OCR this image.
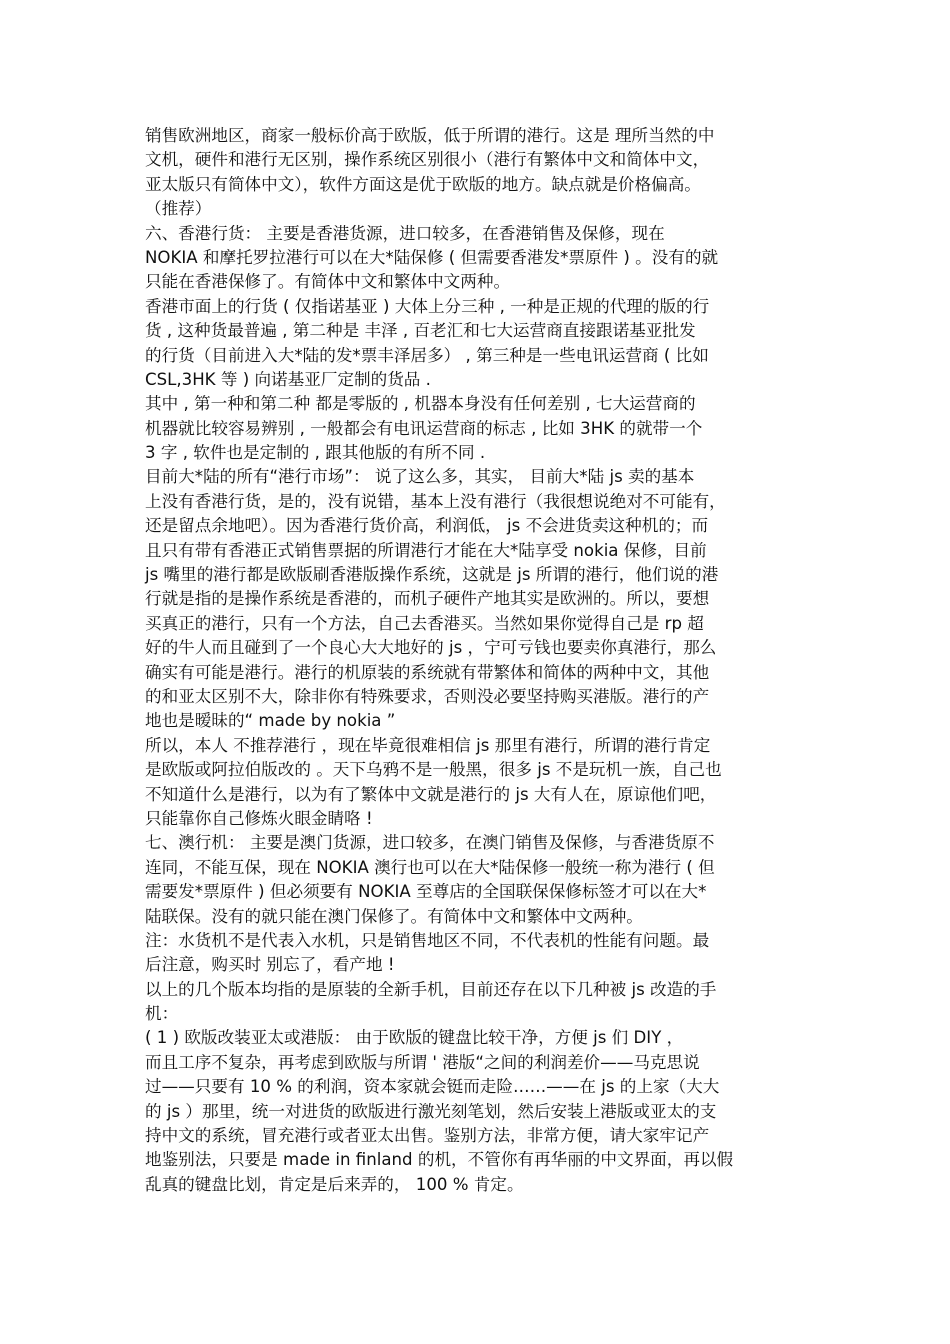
销售欧洲地区，商家一般标价高于欧版，低于所谓的港行。这是 理所当然的中
文机，硬件和港行无区别，操作系统区别很小（港行有繁体中文和简体中文，
亚太版只有简体中文），软件方面这是优于欧版的地方。缺点就是价格偏高。
（推荐）
六、香港行货： 主要是香港货源，进口较多，在香港销售及保修，现在
NOKIA 和摩托罗拉港行可以在大*陆保修 ( 但需要香港发*票原件 ) 。没有的就
只能在香港保修了。有简体中文和繁体中文两种。
香港市面上的行货 ( 仅指诺基亚 ) 大体上分三种 , 一种是正规的代理的版的行
货 , 这种货最普遍 , 第二种是 丰泽 , 百老汇和七大运营商直接跟诺基亚批发
的行货（目前进入大*陆的发*票丰泽居多） , 第三种是一些电讯运营商 ( 比如
CSL,3HK 等 ) 向诺基亚厂定制的货品 .
其中 , 第一种和第二种 都是零版的 , 机器本身没有任何差别 , 七大运营商的
机器就比较容易辨别 , 一般都会有电讯运营商的标志 , 比如 3HK 的就带一个
3 字 , 软件也是定制的 , 跟其他版的有所不同 .
目前大*陆的所有“港行市场”： 说了这么多，其实， 目前大*陆 js 卖的基本
上没有香港行货，是的，没有说错，基本上没有港行（我很想说绝对不可能有，
还是留点余地吧）。因为香港行货价高，利润低， js 不会进货卖这种机的；而
且只有带有香港正式销售票据的所谓港行才能在大*陆享受 nokia 保修，目前
js 嘴里的港行都是欧版刷香港版操作系统，这就是 js 所谓的港行，他们说的港
行就是指的是操作系统是香港的，而机子硬件产地其实是欧洲的。所以，要想
买真正的港行，只有一个方法，自己去香港买。当然如果你觉得自己是 rp 超
好的牛人而且碰到了一个良心大大地好的 js ，宁可亏钱也要卖你真港行，那么
确实有可能是港行。港行的机原装的系统就有带繁体和简体的两种中文，其他
的和亚太区别不大，除非你有特殊要求，否则没必要坚持购买港版。港行的产
地也是暧昧的“ made by nokia ”
所以，本人 不推荐港行 ，现在毕竟很难相信 js 那里有港行，所谓的港行肯定
是欧版或阿拉伯版改的 。天下乌鸦不是一般黑，很多 js 不是玩机一族，自己也
不知道什么是港行，以为有了繁体中文就是港行的 js 大有人在，原谅他们吧，
只能靠你自己修炼火眼金睛咯 !
七、澳行机： 主要是澳门货源，进口较多，在澳门销售及保修，与香港货原不
连同，不能互保，现在 NOKIA 澳行也可以在大*陆保修一般统一称为港行 ( 但
需要发*票原件 ) 但必须要有 NOKIA 至尊店的全国联保保修标签才可以在大*
陆联保。没有的就只能在澳门保修了。有简体中文和繁体中文两种。
注：水货机不是代表入水机，只是销售地区不同，不代表机的性能有问题。最
后注意，购买时 别忘了，看产地 !
以上的几个版本均指的是原装的全新手机，目前还存在以下几种被 js 改造的手
机：
( 1 ) 欧版改装亚太或港版： 由于欧版的键盘比较干净，方便 js 们 DIY ，
而且工序不复杂，再考虑到欧版与所谓 ' 港版“之间的利润差价——马克思说
过——只要有 10 % 的利润，资本家就会铤而走险……——在 js 的上家（大大
的 js ）那里，统一对进货的欧版进行激光刻笔划，然后安装上港版或亚太的支
持中文的系统，冒充港行或者亚太出售。鉴别方法，非常方便，请大家牢记产
地鉴别法，只要是 made in finland 的机，不管你有再华丽的中文界面，再以假
乱真的键盘比划，肯定是后来弄的， 100 % 肯定。
